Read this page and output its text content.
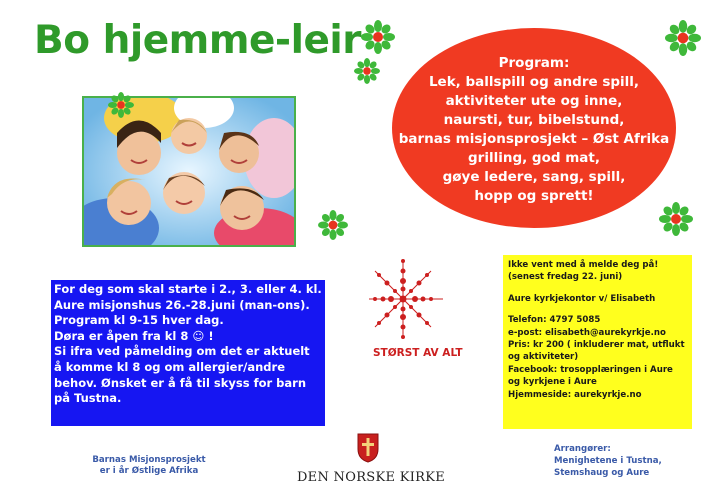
Bo hjemme-leir	Program:
Lek, ballspill og andre spill,
aktiviteter ute og inne,
naursti, tur, bibelstund,
barnas misjonsprosjekt – Øst Afrika
grilling, god mat,
gøye ledere, sang, spill,
hopp og sprett!
For deg som skal starte i 2., 3. eller 4. kl.
Aure misjonshus 26.-28.juni (man-ons).
Program kl 9-15 hver dag.
Døra er åpen fra kl 8 ☺ !
Si ifra ved påmelding om det er aktuelt
å komme kl 8 og om allergier/andre
behov. Ønsket er å få til skyss for barn
på Tustna.
STØRST AV ALT
Ikke vent med å melde deg på!
(senest fredag 22. juni)
Aure kyrkjekontor v/ Elisabeth
Telefon: 4797 5085
e-post: elisabeth@aurekyrkje.no
Pris: kr 200 ( inkluderer mat, utflukt og aktiviteter)
Facebook: trosopplæringen i Aure og kyrkjene i Aure
Hjemmeside: aurekyrkje.no
Barnas Misjonsprosjekt
er i år Østlige Afrika	DEN NORSKE KIRKE
Arrangører:
Menighetene i Tustna,
Stemshaug og Aure
